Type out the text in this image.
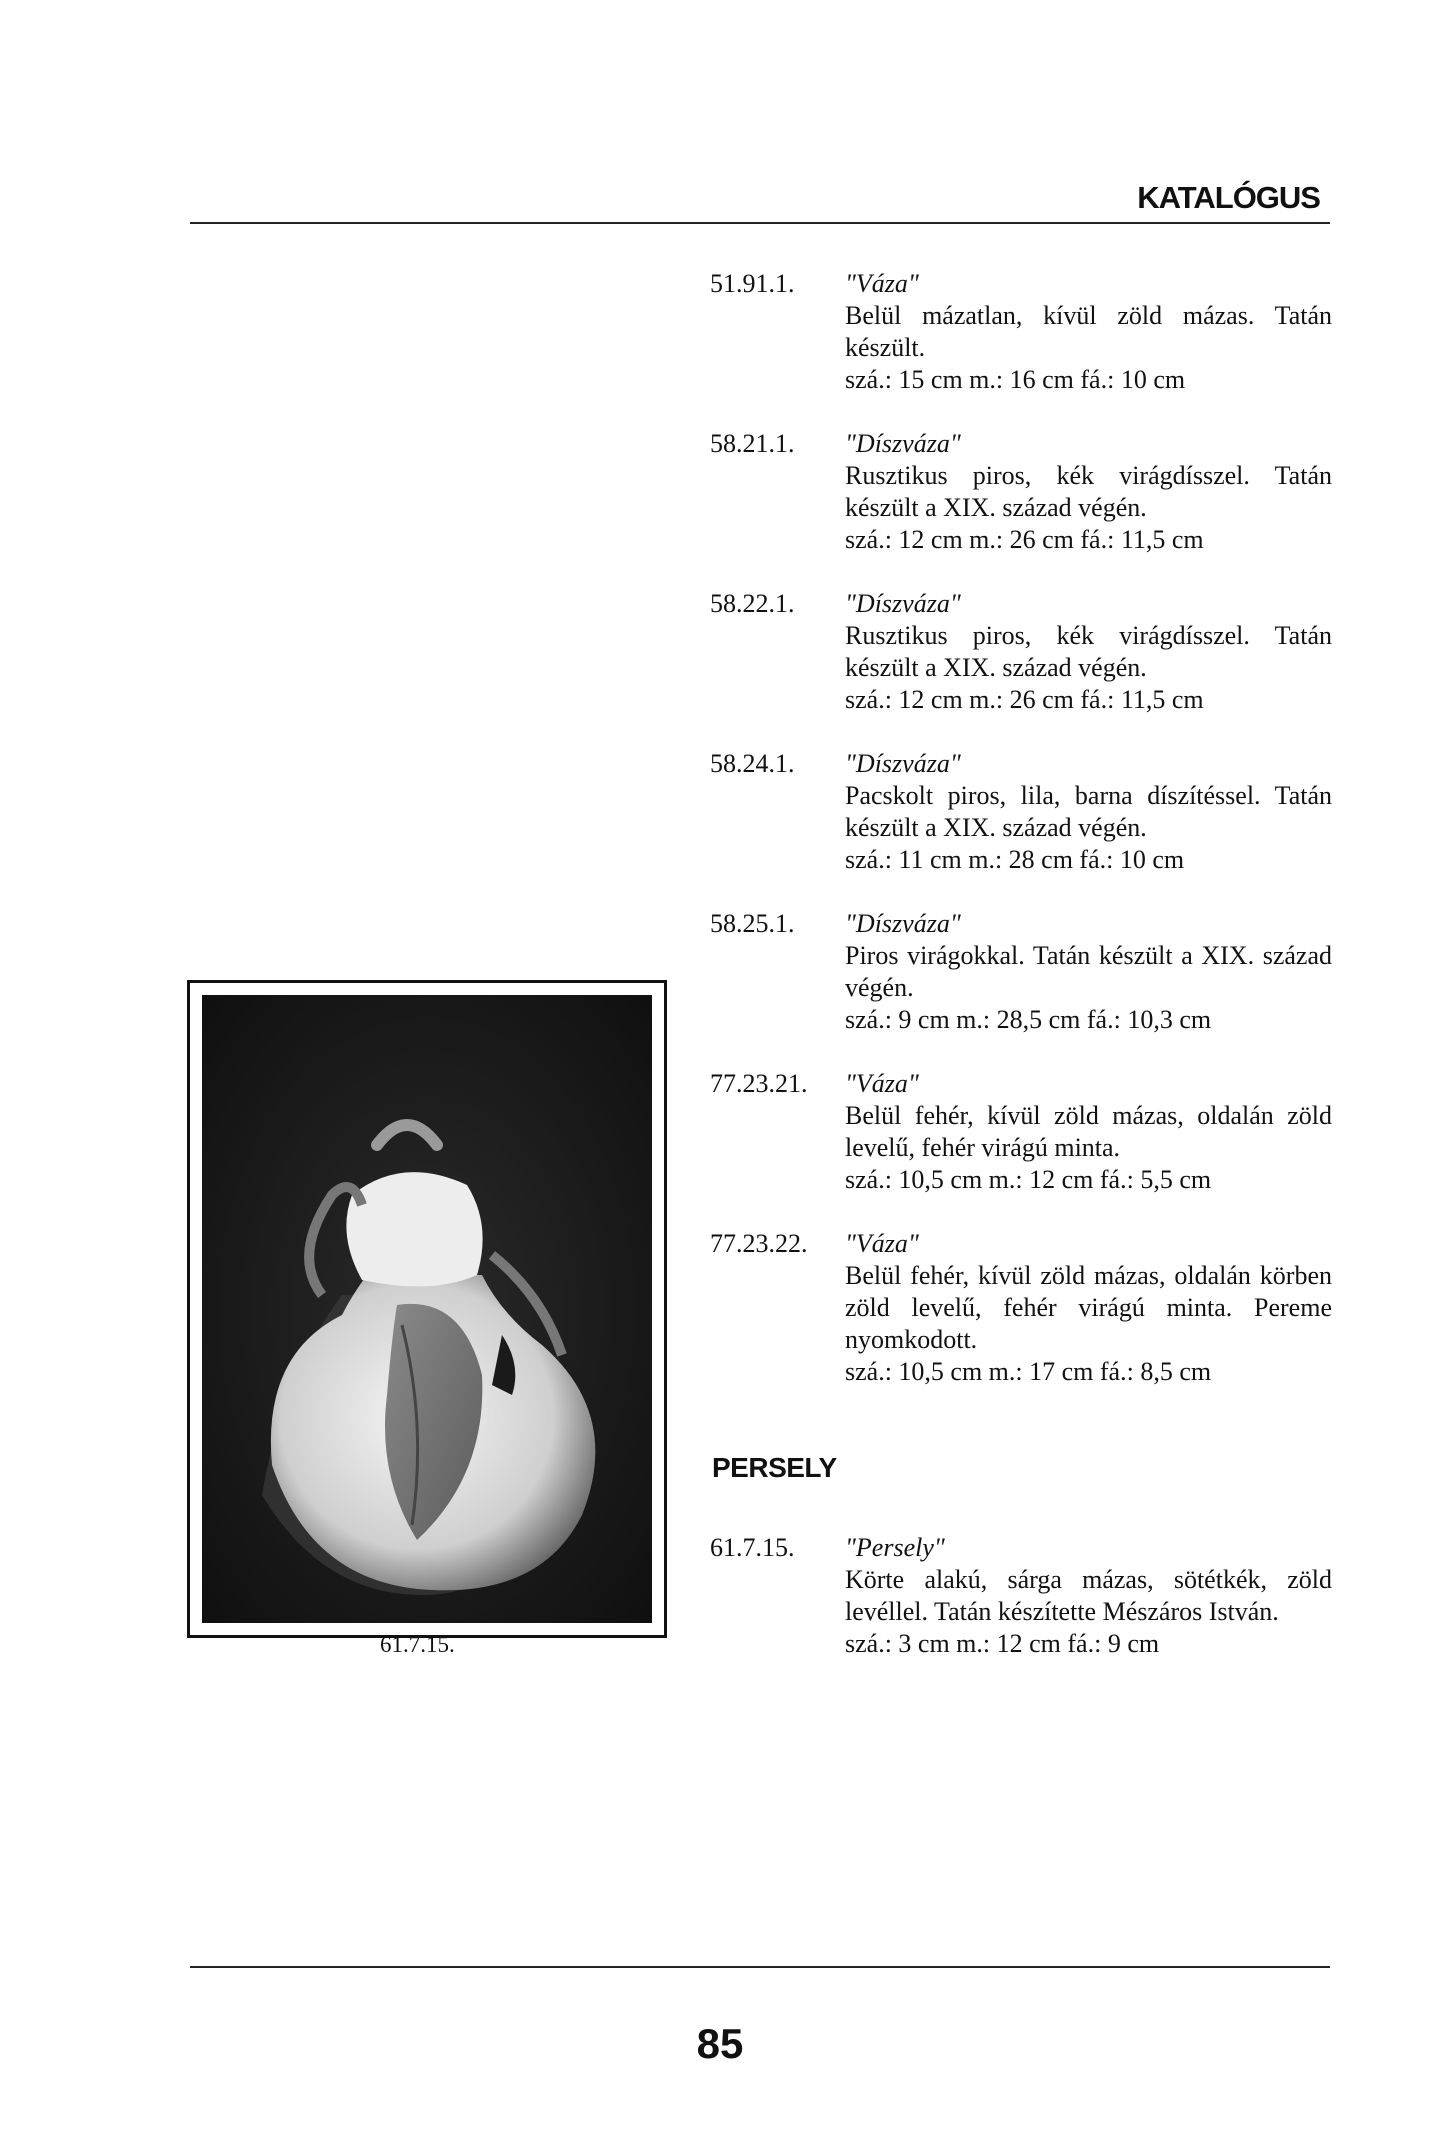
KATALÓGUS
51.91.1.	"Váza"
Belül mázatlan, kívül zöld mázas. Tatán készült.
szá.: 15 cm m.: 16 cm fá.: 10 cm
58.21.1.	"Díszváza"
Rusztikus piros, kék virágdísszel. Tatán készült a XIX. század végén.
szá.: 12 cm m.: 26 cm fá.: 11,5 cm
58.22.1.	"Díszváza"
Rusztikus piros, kék virágdísszel. Tatán készült a XIX. század végén.
szá.: 12 cm m.: 26 cm fá.: 11,5 cm
58.24.1.	"Díszváza"
Pacskolt piros, lila, barna díszítéssel. Tatán készült a XIX. század végén.
szá.: 11 cm m.: 28 cm fá.: 10 cm
58.25.1.	"Díszváza"
Piros virágokkal. Tatán készült a XIX. század végén.
szá.: 9 cm m.: 28,5 cm fá.: 10,3 cm
77.23.21.	"Váza"
Belül fehér, kívül zöld mázas, oldalán zöld levelű, fehér virágú minta.
szá.: 10,5 cm m.: 12 cm fá.: 5,5 cm
77.23.22.	"Váza"
Belül fehér, kívül zöld mázas, oldalán körben zöld levelű, fehér virágú minta. Pereme nyomkodott.
szá.: 10,5 cm m.: 17 cm fá.: 8,5 cm
PERSELY
61.7.15.	"Persely"
Körte alakú, sárga mázas, sötétkék, zöld levéllel. Tatán készítette Mészáros István.
szá.: 3 cm m.: 12 cm fá.: 9 cm
61.7.15.
85
